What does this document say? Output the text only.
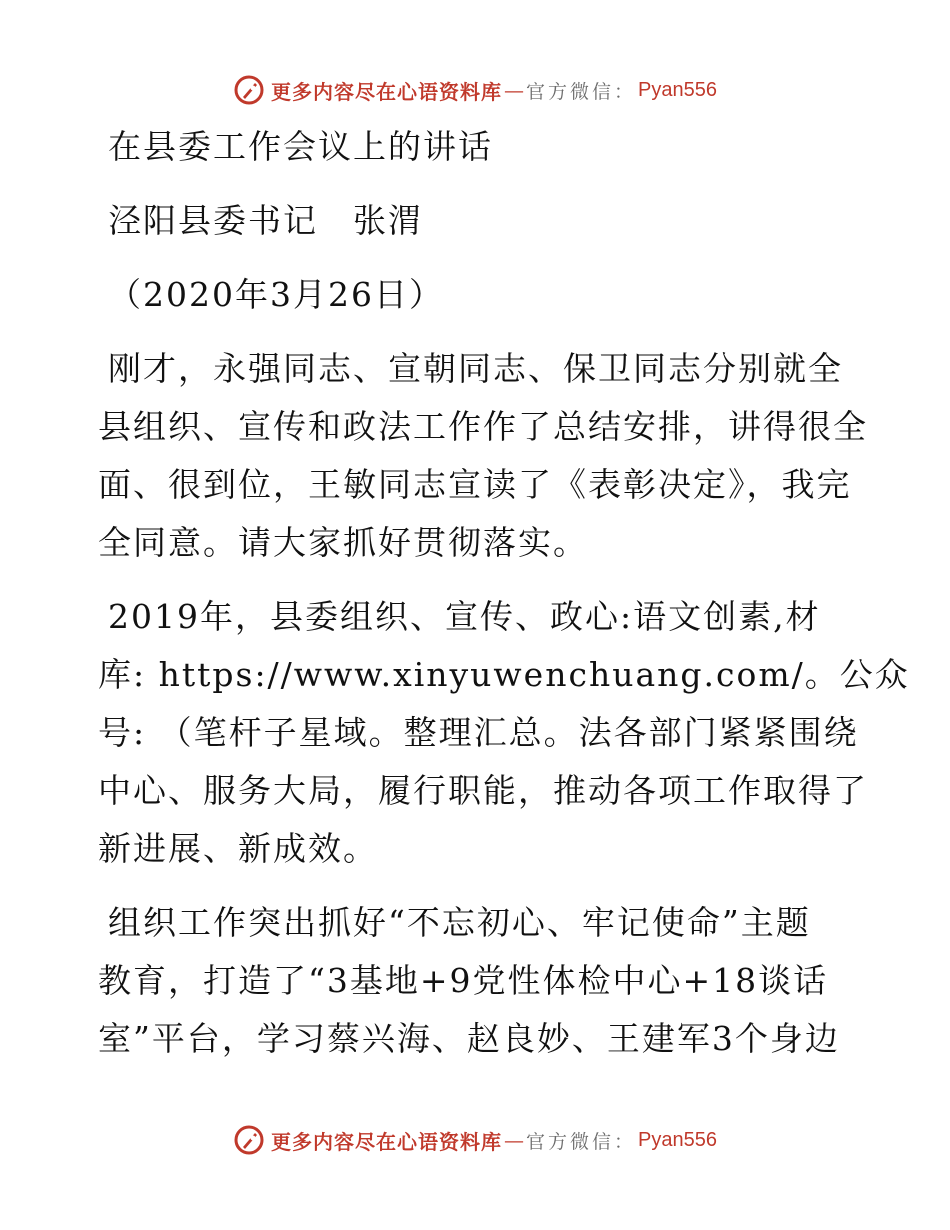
更多内容尽在心语资料库 — 官方微信： Pyan556

在县委工作会议上的讲话

泾阳县委书记　张渭

（2020年3月26日）

刚才，永强同志、宣朝同志、保卫同志分别就全

县组织、宣传和政法工作作了总结安排，讲得很全

面、很到位，王敏同志宣读了《表彰决定》，我完

全同意。请大家抓好贯彻落实。

2019年，县委组织、宣传、政心:语文创素,材

库: https://www.xinyuwenchuang.com/。公众

号: （笔杆子星域。整理汇总。法各部门紧紧围绕

中心、服务大局，履行职能，推动各项工作取得了

新进展、新成效。

组织工作突出抓好“不忘初心、牢记使命”主题

教育，打造了“3基地+9党性体检中心+18谈话

室”平台，学习蔡兴海、赵良妙、王建军3个身边

更多内容尽在心语资料库 — 官方微信： Pyan556
